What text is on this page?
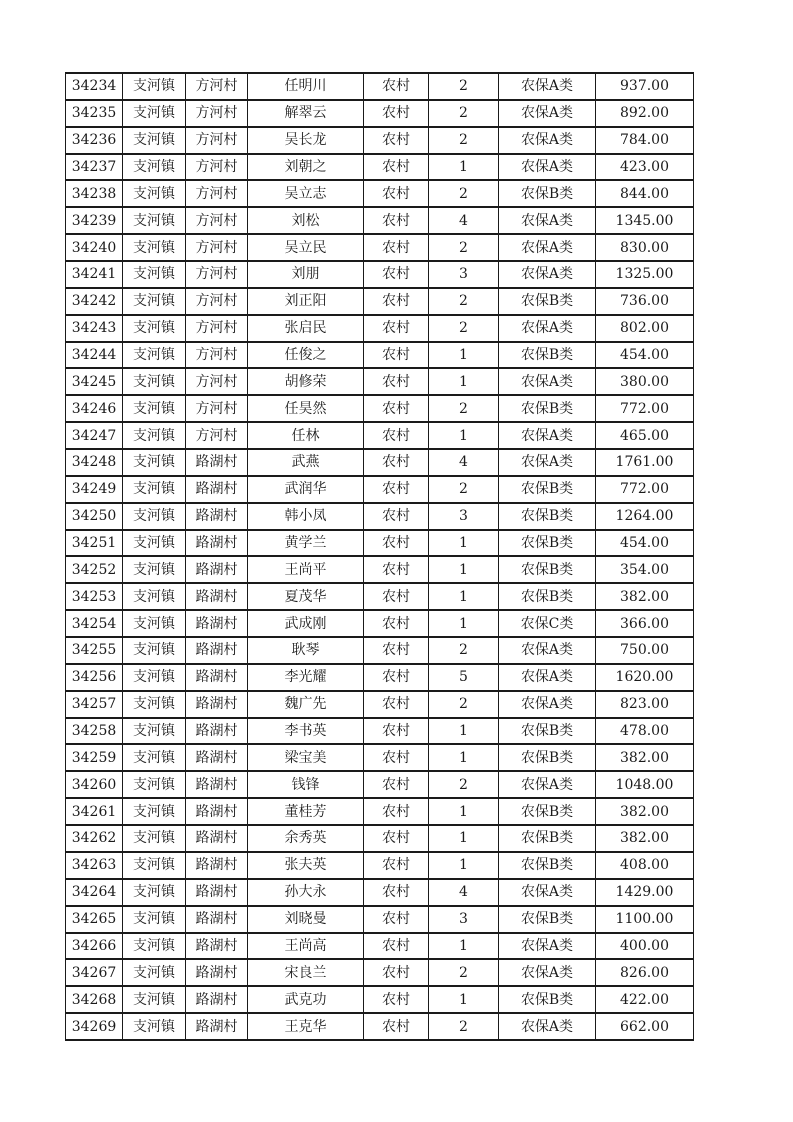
34234	支河镇	方河村	任明川	农村	2	农保A类	937.00
34235	支河镇	方河村	解翠云	农村	2	农保A类	892.00
34236	支河镇	方河村	吴长龙	农村	2	农保A类	784.00
34237	支河镇	方河村	刘朝之	农村	1	农保A类	423.00
34238	支河镇	方河村	吴立志	农村	2	农保B类	844.00
34239	支河镇	方河村	刘松	农村	4	农保A类	1345.00
34240	支河镇	方河村	吴立民	农村	2	农保A类	830.00
34241	支河镇	方河村	刘朋	农村	3	农保A类	1325.00
34242	支河镇	方河村	刘正阳	农村	2	农保B类	736.00
34243	支河镇	方河村	张启民	农村	2	农保A类	802.00
34244	支河镇	方河村	任俊之	农村	1	农保B类	454.00
34245	支河镇	方河村	胡修荣	农村	1	农保A类	380.00
34246	支河镇	方河村	任昊然	农村	2	农保B类	772.00
34247	支河镇	方河村	任林	农村	1	农保A类	465.00
34248	支河镇	路湖村	武燕	农村	4	农保A类	1761.00
34249	支河镇	路湖村	武润华	农村	2	农保B类	772.00
34250	支河镇	路湖村	韩小凤	农村	3	农保B类	1264.00
34251	支河镇	路湖村	黄学兰	农村	1	农保B类	454.00
34252	支河镇	路湖村	王尚平	农村	1	农保B类	354.00
34253	支河镇	路湖村	夏茂华	农村	1	农保B类	382.00
34254	支河镇	路湖村	武成刚	农村	1	农保C类	366.00
34255	支河镇	路湖村	耿琴	农村	2	农保A类	750.00
34256	支河镇	路湖村	李光耀	农村	5	农保A类	1620.00
34257	支河镇	路湖村	魏广先	农村	2	农保A类	823.00
34258	支河镇	路湖村	李书英	农村	1	农保B类	478.00
34259	支河镇	路湖村	梁宝美	农村	1	农保B类	382.00
34260	支河镇	路湖村	钱锋	农村	2	农保A类	1048.00
34261	支河镇	路湖村	董桂芳	农村	1	农保B类	382.00
34262	支河镇	路湖村	余秀英	农村	1	农保B类	382.00
34263	支河镇	路湖村	张夫英	农村	1	农保B类	408.00
34264	支河镇	路湖村	孙大永	农村	4	农保A类	1429.00
34265	支河镇	路湖村	刘晓曼	农村	3	农保B类	1100.00
34266	支河镇	路湖村	王尚高	农村	1	农保A类	400.00
34267	支河镇	路湖村	宋良兰	农村	2	农保A类	826.00
34268	支河镇	路湖村	武克功	农村	1	农保B类	422.00
34269	支河镇	路湖村	王克华	农村	2	农保A类	662.00
